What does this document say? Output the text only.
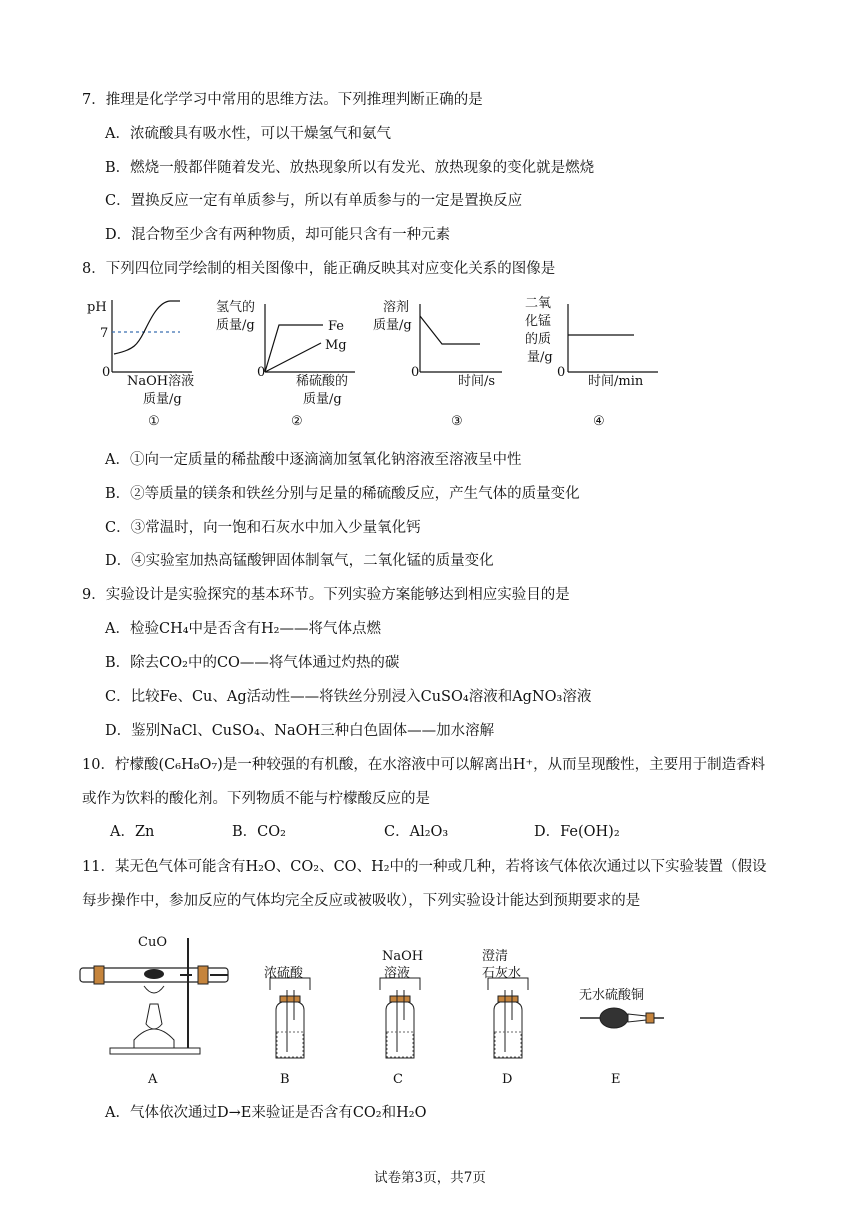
7．推理是化学学习中常用的思维方法。下列推理判断正确的是
A．浓硫酸具有吸水性，可以干燥氢气和氨气
B．燃烧一般都伴随着发光、放热现象所以有发光、放热现象的变化就是燃烧
C．置换反应一定有单质参与，所以有单质参与的一定是置换反应
D．混合物至少含有两种物质，却可能只含有一种元素
8．下列四位同学绘制的相关图像中，能正确反映其对应变化关系的图像是
pH
7
0
NaOH溶液
质量/g
①
氢气的
质量/g	Fe
Mg
0
稀硫酸的
质量/g
②
溶剂
质量/g
0
时间/s
③
二氧
化锰
的质
量/g
0
时间/min
④
A．①向一定质量的稀盐酸中逐滴滴加氢氧化钠溶液至溶液呈中性
B．②等质量的镁条和铁丝分别与足量的稀硫酸反应，产生气体的质量变化
C．③常温时，向一饱和石灰水中加入少量氧化钙
D．④实验室加热高锰酸钾固体制氧气，二氧化锰的质量变化
9．实验设计是实验探究的基本环节。下列实验方案能够达到相应实验目的是
A．检验CH₄中是否含有H₂——将气体点燃
B．除去CO₂中的CO——将气体通过灼热的碳
C．比较Fe、Cu、Ag活动性——将铁丝分别浸入CuSO₄溶液和AgNO₃溶液
D．鉴别NaCl、CuSO₄、NaOH三种白色固体——加水溶解
10．柠檬酸(C₆H₈O₇)是一种较强的有机酸，在水溶液中可以解离出H⁺，从而呈现酸性，主要用于制造香料
或作为饮料的酸化剂。下列物质不能与柠檬酸反应的是
A．Zn	B．CO₂	C．Al₂O₃	D．Fe(OH)₂
11．某无色气体可能含有H₂O、CO₂、CO、H₂中的一种或几种，若将该气体依次通过以下实验装置（假设
每步操作中，参加反应的气体均完全反应或被吸收），下列实验设计能达到预期要求的是
CuO
浓硫酸
NaOH
溶液
澄清
石灰水
无水硫酸铜
A	B	C	D	E
A．气体依次通过D→E来验证是否含有CO₂和H₂O
试卷第3页，共7页
